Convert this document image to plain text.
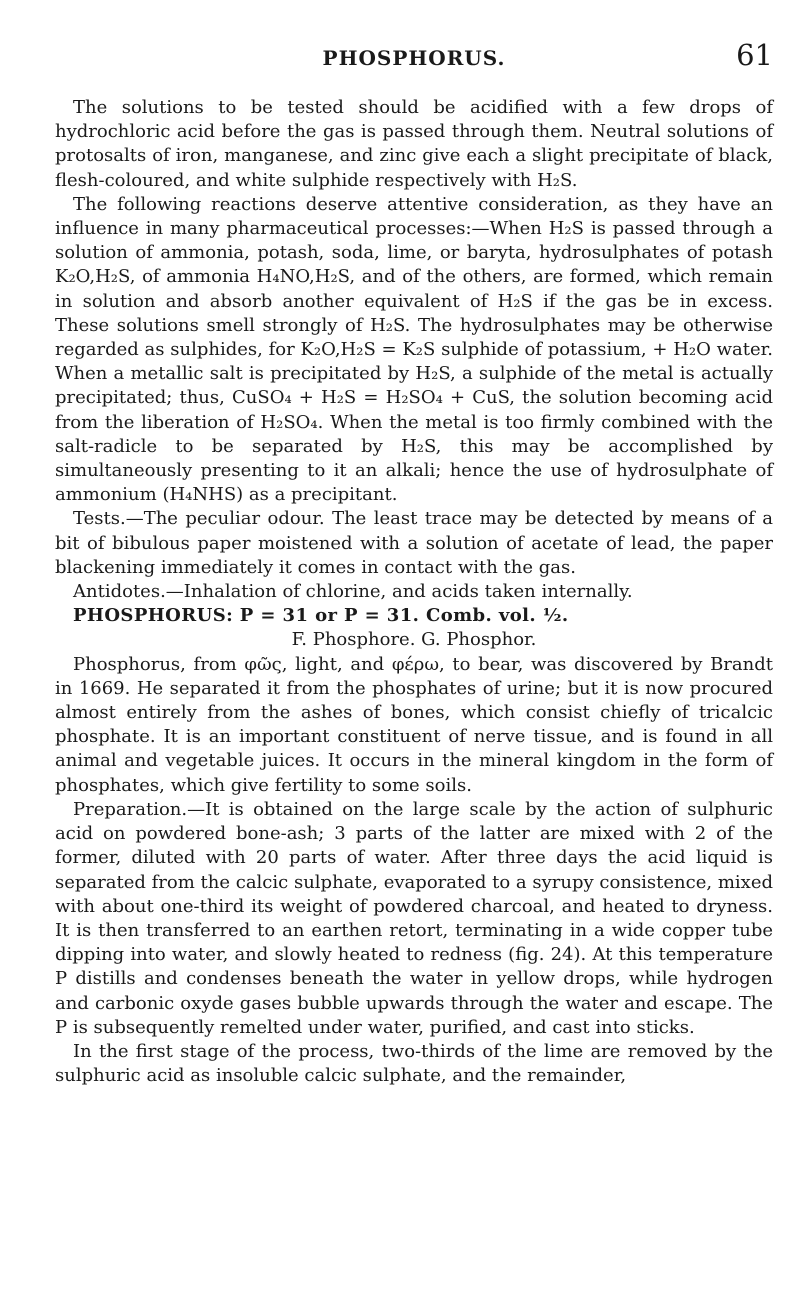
PHOSPHORUS.	61

The solutions to be tested should be acidified with a few drops of hydrochloric acid before the gas is passed through them. Neutral solutions of protosalts of iron, manganese, and zinc give each a slight precipitate of black, flesh-coloured, and white sulphide respectively with H₂S.

The following reactions deserve attentive consideration, as they have an influence in many pharmaceutical processes:—When H₂S is passed through a solution of ammonia, potash, soda, lime, or baryta, hydrosulphates of potash K₂O,H₂S, of ammonia H₄NO,H₂S, and of the others, are formed, which remain in solution and absorb another equivalent of H₂S if the gas be in excess. These solutions smell strongly of H₂S. The hydrosulphates may be otherwise regarded as sulphides, for K₂O,H₂S = K₂S sulphide of potassium, + H₂O water. When a metallic salt is precipitated by H₂S, a sulphide of the metal is actually precipitated; thus, CuSO₄ + H₂S = H₂SO₄ + CuS, the solution becoming acid from the liberation of H₂SO₄. When the metal is too firmly combined with the salt-radicle to be separated by H₂S, this may be accomplished by simultaneously presenting to it an alkali; hence the use of hydrosulphate of ammonium (H₄NHS) as a precipitant.

Tests.—The peculiar odour. The least trace may be detected by means of a bit of bibulous paper moistened with a solution of acetate of lead, the paper blackening immediately it comes in contact with the gas.

Antidotes.—Inhalation of chlorine, and acids taken internally.

PHOSPHORUS: P = 31 or P = 31. Comb. vol. ½.

F. Phosphore. G. Phosphor.

Phosphorus, from φῶς, light, and φέρω, to bear, was discovered by Brandt in 1669. He separated it from the phosphates of urine; but it is now procured almost entirely from the ashes of bones, which consist chiefly of tricalcic phosphate. It is an important constituent of nerve tissue, and is found in all animal and vegetable juices. It occurs in the mineral kingdom in the form of phosphates, which give fertility to some soils.

Preparation.—It is obtained on the large scale by the action of sulphuric acid on powdered bone-ash; 3 parts of the latter are mixed with 2 of the former, diluted with 20 parts of water. After three days the acid liquid is separated from the calcic sulphate, evaporated to a syrupy consistence, mixed with about one-third its weight of powdered charcoal, and heated to dryness. It is then transferred to an earthen retort, terminating in a wide copper tube dipping into water, and slowly heated to redness (fig. 24). At this temperature P distills and condenses beneath the water in yellow drops, while hydrogen and carbonic oxyde gases bubble upwards through the water and escape. The P is subsequently remelted under water, purified, and cast into sticks.

In the first stage of the process, two-thirds of the lime are removed by the sulphuric acid as insoluble calcic sulphate, and the remainder,
